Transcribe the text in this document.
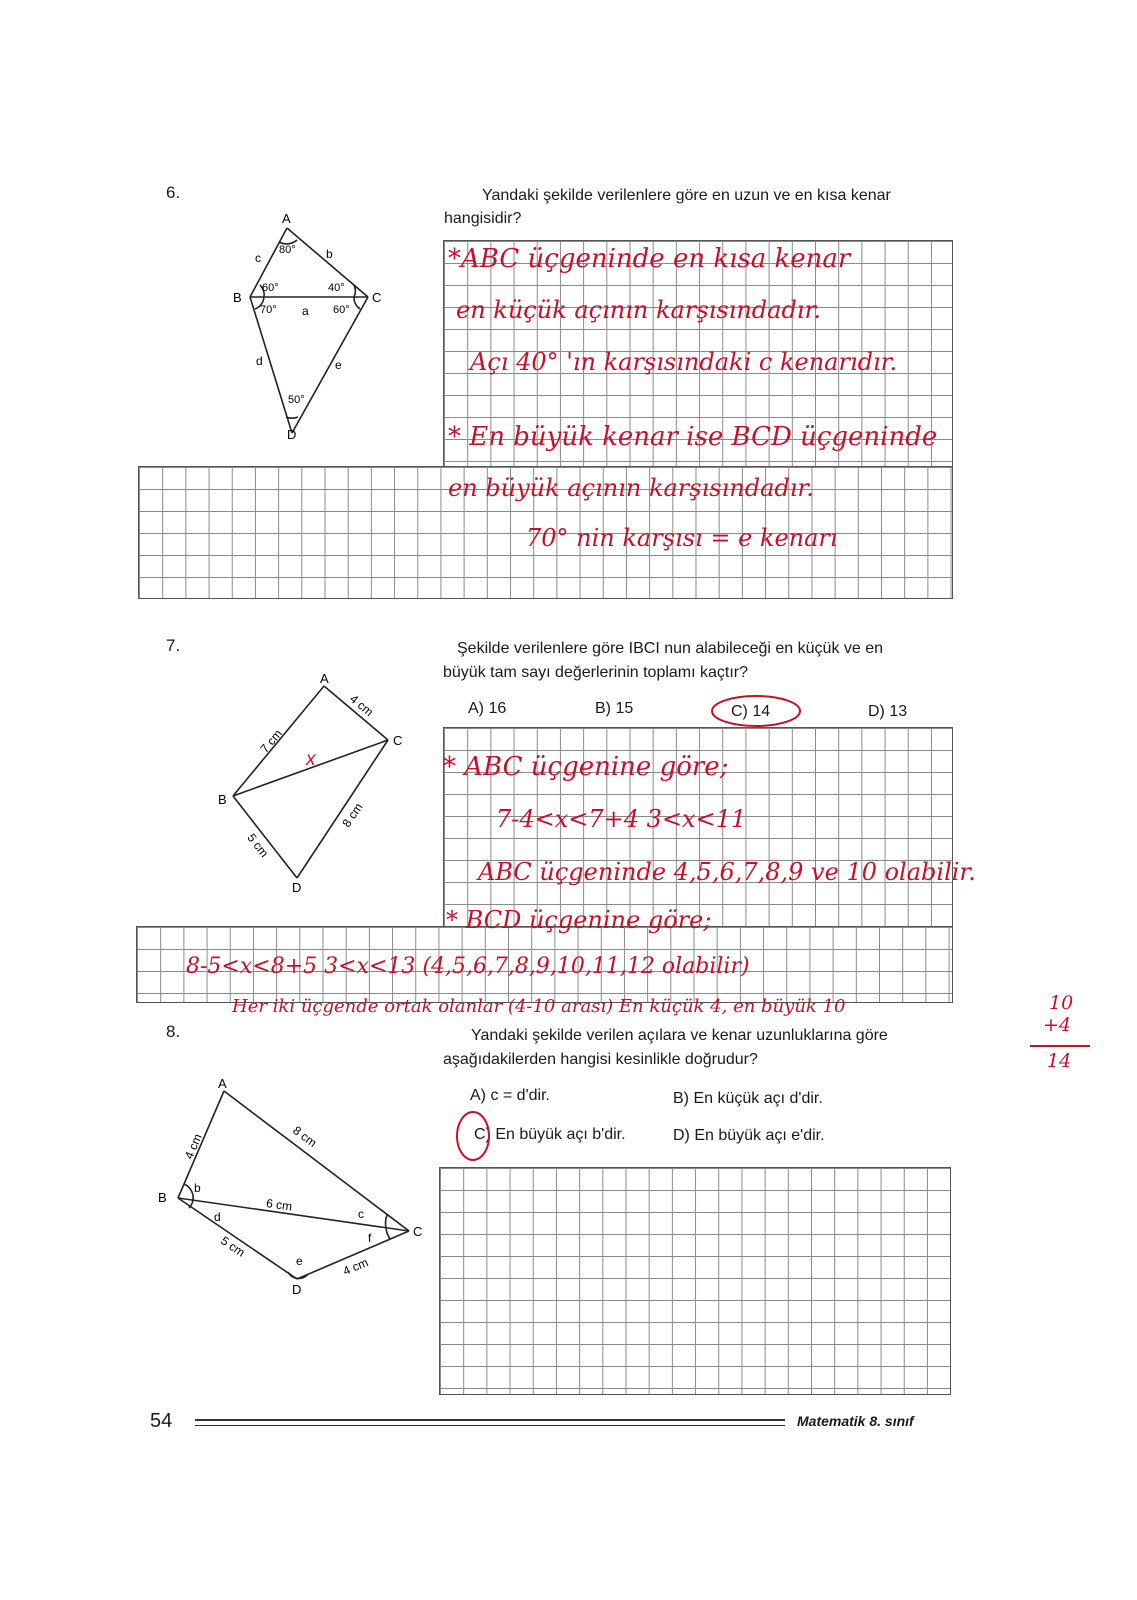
6.	Yandaki şekilde verilenlere göre en uzun ve en kısa kenar
hangisidir?
A
B	C
D
a
b
c
d	e
80°
60°
70°
40°
60°
50°
*ABC üçgeninde en kısa kenar
en küçük açının karşısındadır.
Açı 40° 'ın karşısındaki c kenarıdır.
* En büyük kenar ise BCD üçgeninde
en büyük açının karşısındadır.
70° nin karşısı = e kenarı
7.	Şekilde verilenlere göre IBCI nun alabileceği en küçük ve en
büyük tam sayı değerlerinin toplamı kaçtır?
A) 16	B) 15	C) 14	D) 13
A
B
C
D
7 cm
4 cm
5 cm
8 cm
x	* ABC üçgenine göre;
7-4<x<7+4 3<x<11
ABC üçgeninde 4,5,6,7,8,9 ve 10 olabilir.
* BCD üçgenine göre;
8-5<x<8+5 3<x<13 (4,5,6,7,8,9,10,11,12 olabilir)
Her iki üçgende ortak olanlar (4-10 arası) En küçük 4, en büyük 10	10
+4
14
8.	Yandaki şekilde verilen açılara ve kenar uzunluklarına göre
aşağıdakilerden hangisi kesinlikle doğrudur?
A) c = d'dir.	B) En küçük açı d'dir.
C) En büyük açı b'dir.	D) En büyük açı e'dir.
A
B
C
D
b
c
d
e
f
4 cm	8 cm
6 cm
5 cm
4 cm
54	Matematik 8. sınıf
